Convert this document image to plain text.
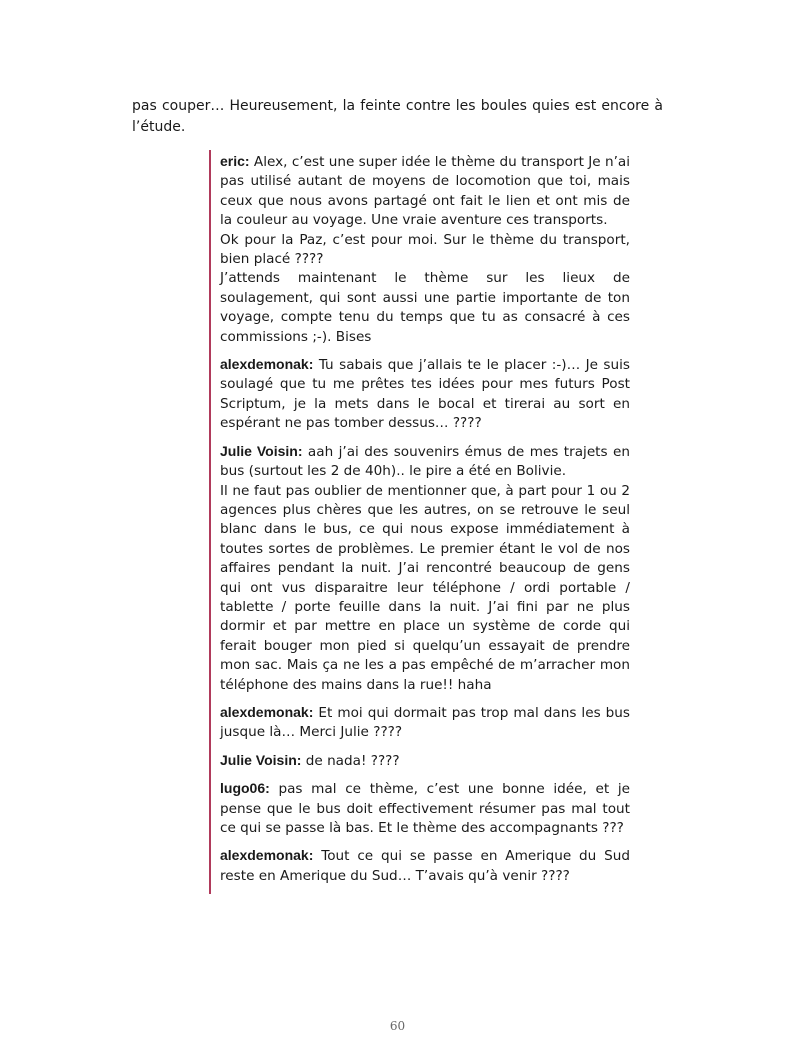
pas couper… Heureusement, la feinte contre les boules quies est encore à l’étude.

eric: Alex, c’est une super idée le thème du transport Je n’ai pas utilisé autant de moyens de locomotion que toi, mais ceux que nous avons partagé ont fait le lien et ont mis de la couleur au voyage. Une vraie aventure ces transports.
Ok pour la Paz, c’est pour moi. Sur le thème du transport, bien placé ????
J’attends maintenant le thème sur les lieux de soulagement, qui sont aussi une partie importante de ton voyage, compte tenu du temps que tu as consacré à ces commissions ;-). Bises

alexdemonak: Tu sabais que j’allais te le placer :-)… Je suis soulagé que tu me prêtes tes idées pour mes futurs Post Scriptum, je la mets dans le bocal et tirerai au sort en espérant ne pas tomber dessus… ????

Julie Voisin: aah j’ai des souvenirs émus de mes trajets en bus (surtout les 2 de 40h).. le pire a été en Bolivie.
Il ne faut pas oublier de mentionner que, à part pour 1 ou 2 agences plus chères que les autres, on se retrouve le seul blanc dans le bus, ce qui nous expose immédiatement à toutes sortes de problèmes. Le premier étant le vol de nos affaires pendant la nuit. J’ai rencontré beaucoup de gens qui ont vus disparaitre leur téléphone / ordi portable / tablette / porte feuille dans la nuit. J’ai fini par ne plus dormir et par mettre en place un système de corde qui ferait bouger mon pied si quelqu’un essayait de prendre mon sac. Mais ça ne les a pas empêché de m’arracher mon téléphone des mains dans la rue!! haha

alexdemonak: Et moi qui dormait pas trop mal dans les bus jusque là… Merci Julie ????

Julie Voisin: de nada! ????

lugo06: pas mal ce thème, c’est une bonne idée, et je pense que le bus doit effectivement résumer pas mal tout ce qui se passe là bas. Et le thème des accompagnants ???

alexdemonak: Tout ce qui se passe en Amerique du Sud reste en Amerique du Sud… T’avais qu’à venir ????

60
